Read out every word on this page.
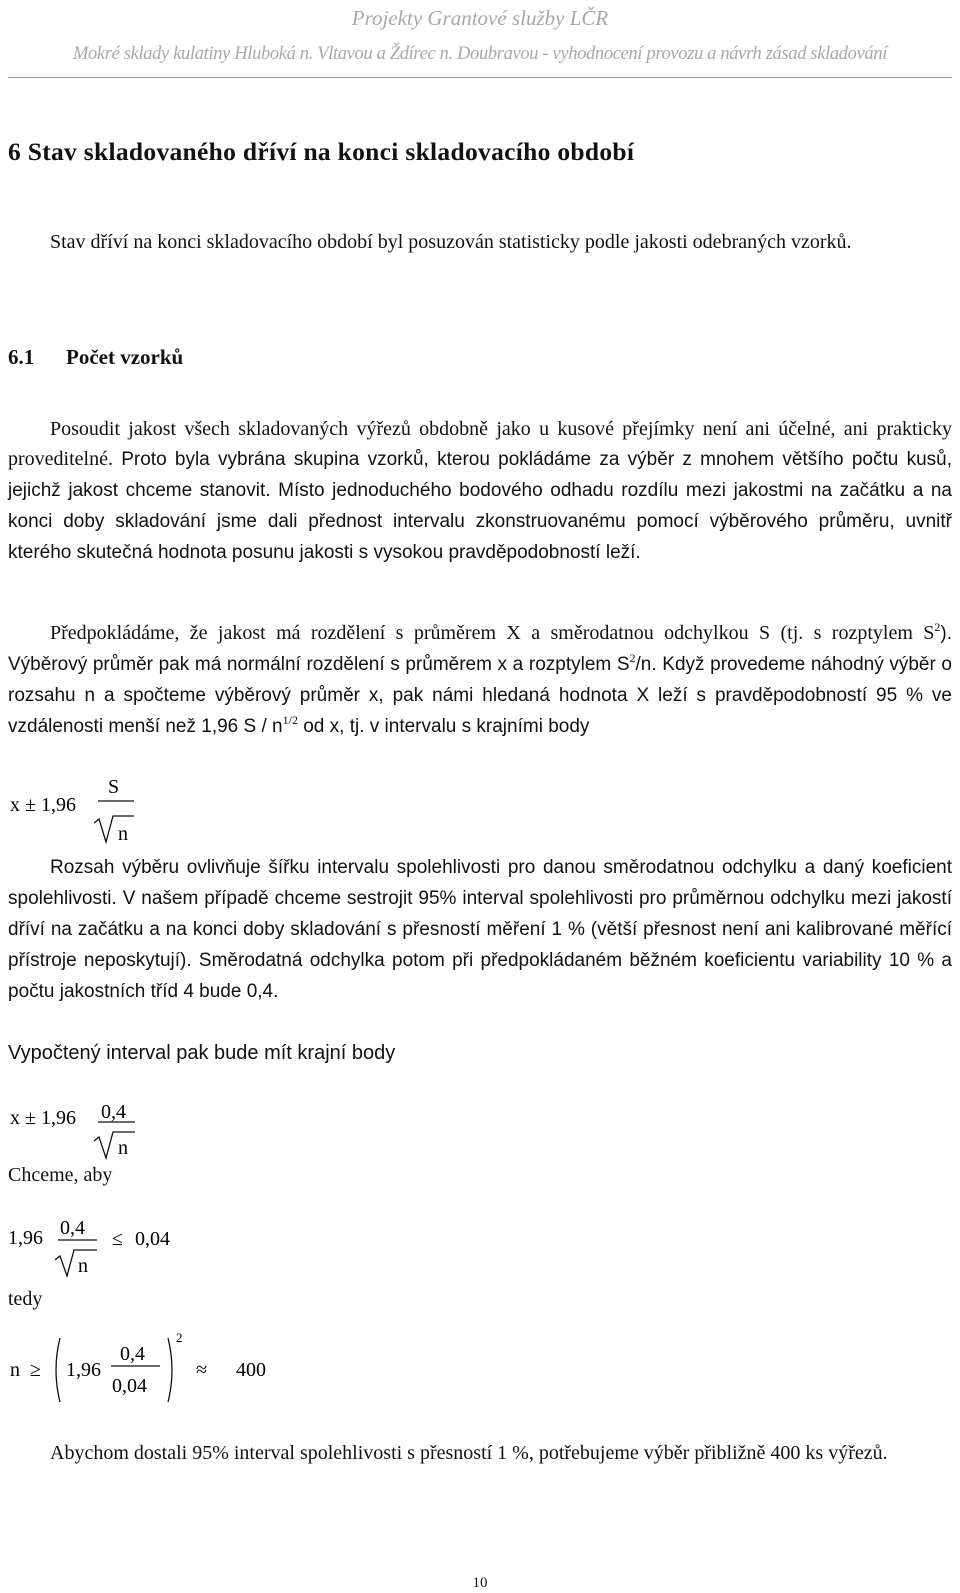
Projekty Grantové služby LČR
Mokré sklady kulatiny Hluboká n. Vltavou a Ždírec n. Doubravou - vyhodnocení provozu a návrh zásad skladování
6 Stav skladovaného dříví na konci skladovacího období
Stav dříví na konci skladovacího období byl posuzován statisticky podle jakosti odebraných vzorků.
6.1 Počet vzorků
Posoudit jakost všech skladovaných výřezů obdobně jako u kusové přejímky není ani účelné, ani prakticky proveditelné. Proto byla vybrána skupina vzorků, kterou pokládáme za výběr z mnohem většího počtu kusů, jejichž jakost chceme stanovit. Místo jednoduchého bodového odhadu rozdílu mezi jakostmi na začátku a na konci doby skladování jsme dali přednost intervalu zkonstruovanému pomocí výběrového průměru, uvnitř kterého skutečná hodnota posunu jakosti s vysokou pravděpodobností leží.
Předpokládáme, že jakost má rozdělení s průměrem X a směrodatnou odchylkou S (tj. s rozptylem $S^2$). Výběrový průměr pak má normální rozdělení s průměrem x a rozptylem $S^2/n$. Když provedeme náhodný výběr o rozsahu n a spočteme výběrový průměr x, pak námi hledaná hodnota X leží s pravděpodobností 95 % ve vzdálenosti menší než 1,96 S / $n^{1/2}$ od x, tj. v intervalu s krajními body
x ± 1,96
S
n
Rozsah výběru ovlivňuje šířku intervalu spolehlivosti pro danou směrodatnou odchylku a daný koeficient spolehlivosti. V našem případě chceme sestrojit 95% interval spolehlivosti pro průměrnou odchylku mezi jakostí dříví na začátku a na konci doby skladování s přesností měření 1 % (větší přesnost není ani kalibrované měřící přístroje neposkytují). Směrodatná odchylka potom při předpokládaném běžném koeficientu variability 10 % a počtu jakostních tříd 4 bude 0,4.
Vypočtený interval pak bude mít krajní body
x ± 1,96 0,4
n
Chceme, aby
1,96 0,4
n
≤ 0,04
tedy
n ≥ 1,96
0,4
0,04
2
≈ 400
Abychom dostali 95% interval spolehlivosti s přesností 1 %, potřebujeme výběr přibližně 400 ks výřezů.
10
